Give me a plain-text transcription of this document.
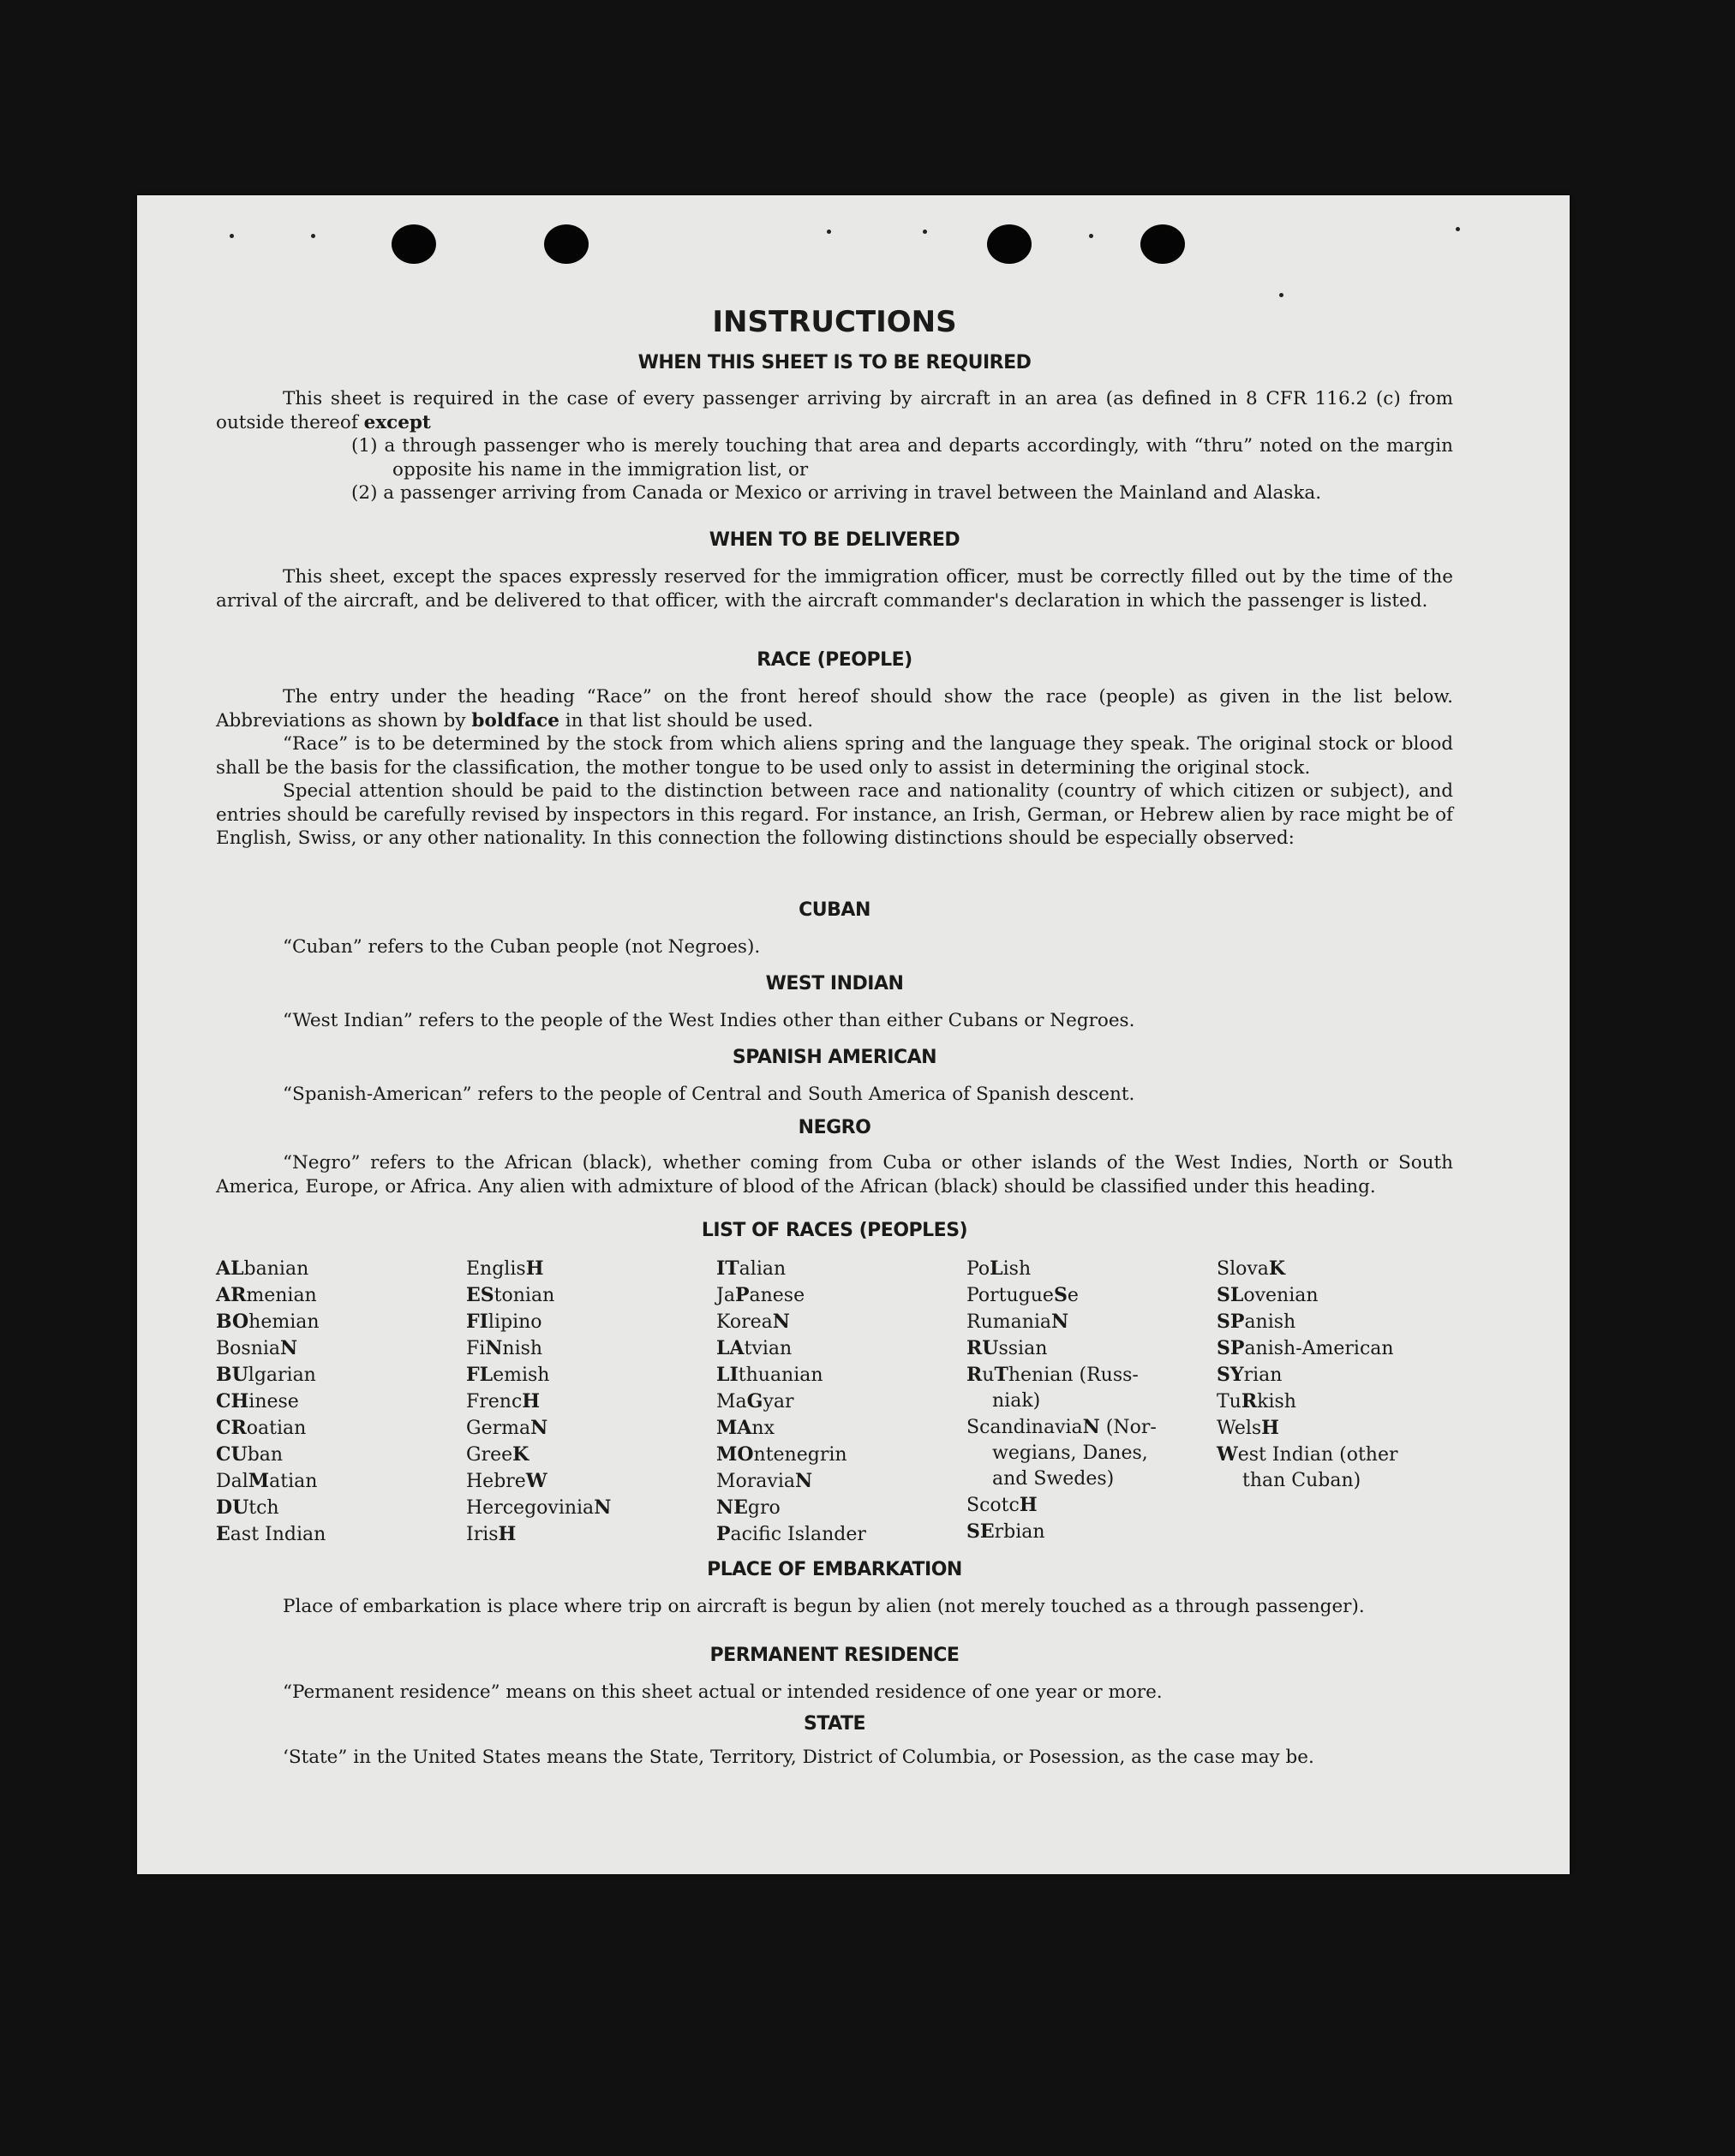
INSTRUCTIONS
WHEN THIS SHEET IS TO BE REQUIRED

This sheet is required in the case of every passenger arriving by aircraft in an area (as defined in 8 CFR 116.2 (c) from outside thereof except

(1) a through passenger who is merely touching that area and departs accordingly, with “thru” noted on the margin opposite his name in the immigration list, or

(2) a passenger arriving from Canada or Mexico or arriving in travel between the Mainland and Alaska.

WHEN TO BE DELIVERED

This sheet, except the spaces expressly reserved for the immigration officer, must be correctly filled out by the time of the arrival of the aircraft, and be delivered to that officer, with the aircraft commander's declaration in which the passenger is listed.

RACE (PEOPLE)

The entry under the heading “Race” on the front hereof should show the race (people) as given in the list below. Abbreviations as shown by boldface in that list should be used.

“Race” is to be determined by the stock from which aliens spring and the language they speak. The original stock or blood shall be the basis for the classification, the mother tongue to be used only to assist in determining the original stock.

Special attention should be paid to the distinction between race and nationality (country of which citizen or subject), and entries should be carefully revised by inspectors in this regard. For instance, an Irish, German, or Hebrew alien by race might be of English, Swiss, or any other nationality. In this connection the following distinctions should be especially observed:

CUBAN

“Cuban” refers to the Cuban people (not Negroes).

WEST INDIAN

“West Indian” refers to the people of the West Indies other than either Cubans or Negroes.

SPANISH AMERICAN

“Spanish-American” refers to the people of Central and South America of Spanish descent.

NEGRO

“Negro” refers to the African (black), whether coming from Cuba or other islands of the West Indies, North or South America, Europe, or Africa. Any alien with admixture of blood of the African (black) should be classified under this heading.

LIST OF RACES (PEOPLES)
ALbanian
ARmenian
BOhemian
BosniaN
BUlgarian
CHinese
CRoatian
CUban
DalMatian
DUtch
East Indian
EnglisH
EStonian
FIlipino
FiNnish
FLemish
FrencH
GermaN
GreeK
HebreW
HercegoviniaN
IrisH
ITalian
JaPanese
KoreaN
LAtvian
LIthuanian
MaGyar
MAnx
MOntenegrin
MoraviaN
NEgro
Pacific Islander
PoLish
PortugueSe
RumaniaN
RUssian
RuThenian (Russ-
niak)
ScandinaviaN (Nor-
wegians, Danes,
and Swedes)
ScotcH
SErbian
SlovaK
SLovenian
SPanish
SPanish-American
SYrian
TuRkish
WelsH
West Indian (other
than Cuban)
PLACE OF EMBARKATION

Place of embarkation is place where trip on aircraft is begun by alien (not merely touched as a through passenger).

PERMANENT RESIDENCE

“Permanent residence” means on this sheet actual or intended residence of one year or more.

STATE

‘State” in the United States means the State, Territory, District of Columbia, or Posession, as the case may be.
